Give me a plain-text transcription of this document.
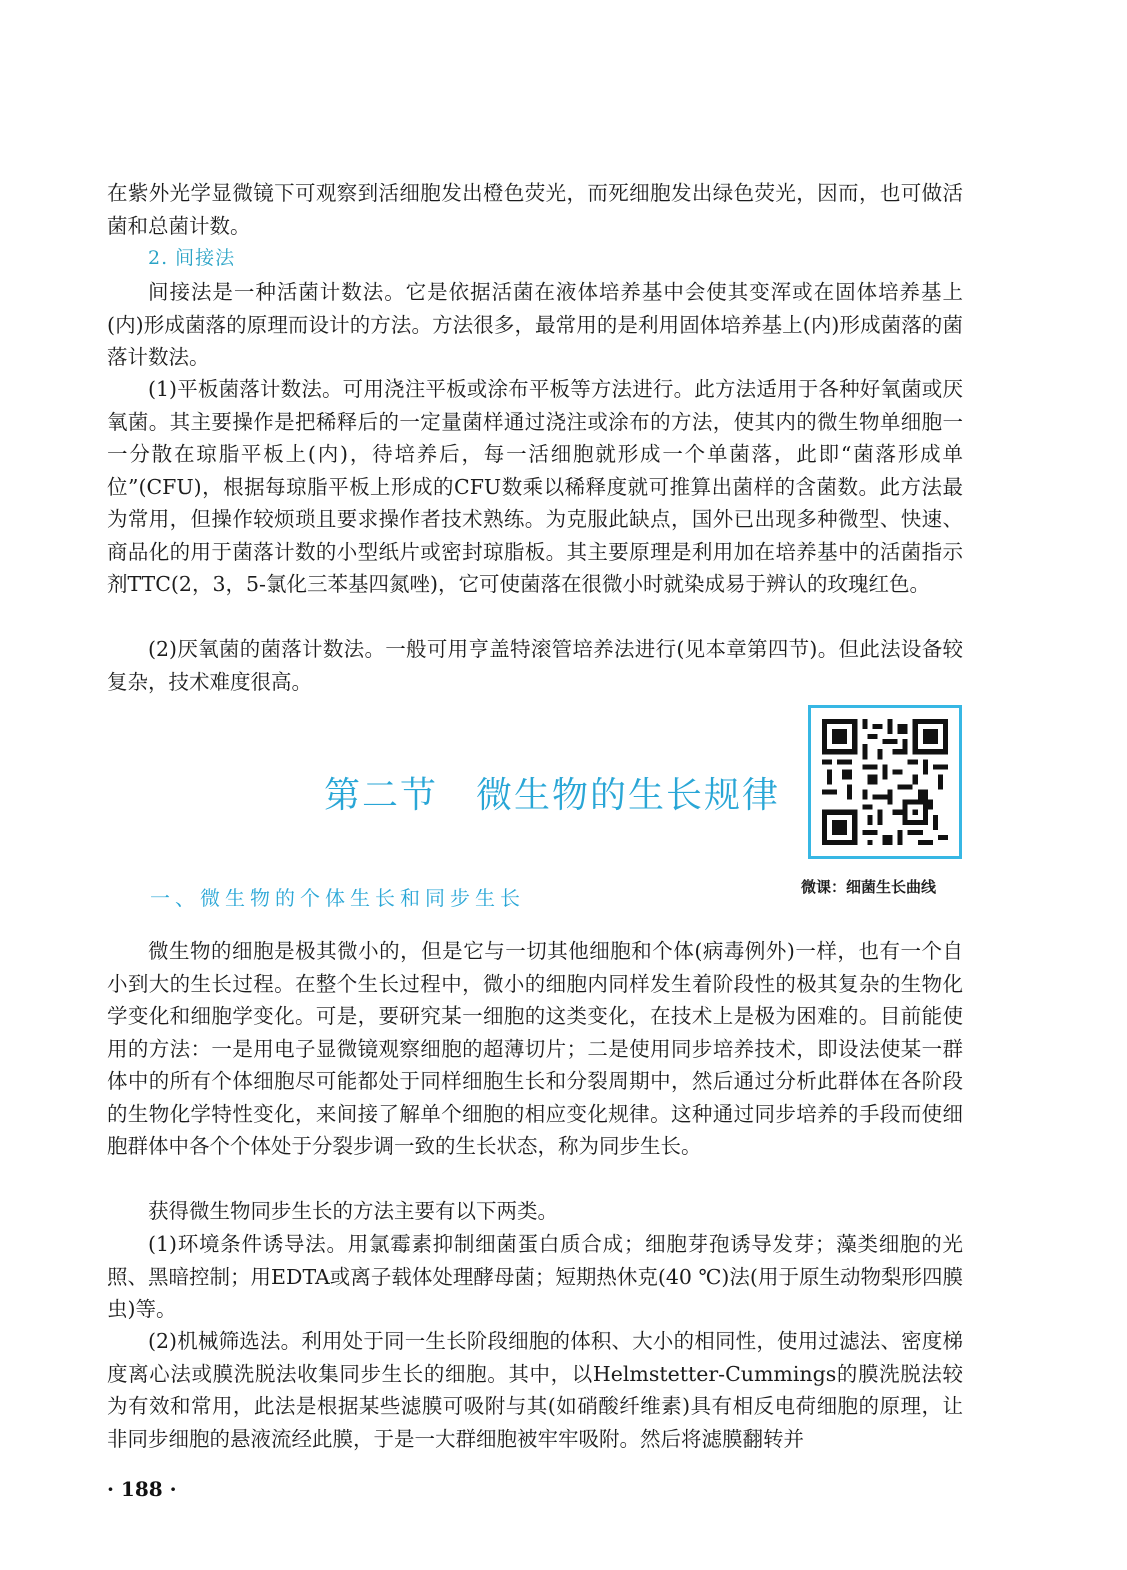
在紫外光学显微镜下可观察到活细胞发出橙色荧光，而死细胞发出绿色荧光，因而，也可做活菌和总菌计数。

2. 间接法

间接法是一种活菌计数法。它是依据活菌在液体培养基中会使其变浑或在固体培养基上(内)形成菌落的原理而设计的方法。方法很多，最常用的是利用固体培养基上(内)形成菌落的菌落计数法。

(1)平板菌落计数法。可用浇注平板或涂布平板等方法进行。此方法适用于各种好氧菌或厌氧菌。其主要操作是把稀释后的一定量菌样通过浇注或涂布的方法，使其内的微生物单细胞一一分散在琼脂平板上(内)，待培养后，每一活细胞就形成一个单菌落，此即“菌落形成单位”(CFU)，根据每琼脂平板上形成的CFU数乘以稀释度就可推算出菌样的含菌数。此方法最为常用，但操作较烦琐且要求操作者技术熟练。为克服此缺点，国外已出现多种微型、快速、商品化的用于菌落计数的小型纸片或密封琼脂板。其主要原理是利用加在培养基中的活菌指示剂TTC(2，3，5-氯化三苯基四氮唑)，它可使菌落在很微小时就染成易于辨认的玫瑰红色。

(2)厌氧菌的菌落计数法。一般可用亨盖特滚管培养法进行(见本章第四节)。但此法设备较复杂，技术难度很高。

第二节　微生物的生长规律
微课：细菌生长曲线
一、微生物的个体生长和同步生长

微生物的细胞是极其微小的，但是它与一切其他细胞和个体(病毒例外)一样，也有一个自小到大的生长过程。在整个生长过程中，微小的细胞内同样发生着阶段性的极其复杂的生物化学变化和细胞学变化。可是，要研究某一细胞的这类变化，在技术上是极为困难的。目前能使用的方法：一是用电子显微镜观察细胞的超薄切片；二是使用同步培养技术，即设法使某一群体中的所有个体细胞尽可能都处于同样细胞生长和分裂周期中，然后通过分析此群体在各阶段的生物化学特性变化，来间接了解单个细胞的相应变化规律。这种通过同步培养的手段而使细胞群体中各个个体处于分裂步调一致的生长状态，称为同步生长。

获得微生物同步生长的方法主要有以下两类。

(1)环境条件诱导法。用氯霉素抑制细菌蛋白质合成；细胞芽孢诱导发芽；藻类细胞的光照、黑暗控制；用EDTA或离子载体处理酵母菌；短期热休克(40 ℃)法(用于原生动物梨形四膜虫)等。

(2)机械筛选法。利用处于同一生长阶段细胞的体积、大小的相同性，使用过滤法、密度梯度离心法或膜洗脱法收集同步生长的细胞。其中，以Helmstetter-Cummings的膜洗脱法较为有效和常用，此法是根据某些滤膜可吸附与其(如硝酸纤维素)具有相反电荷细胞的原理，让非同步细胞的悬液流经此膜，于是一大群细胞被牢牢吸附。然后将滤膜翻转并

· 188 ·
